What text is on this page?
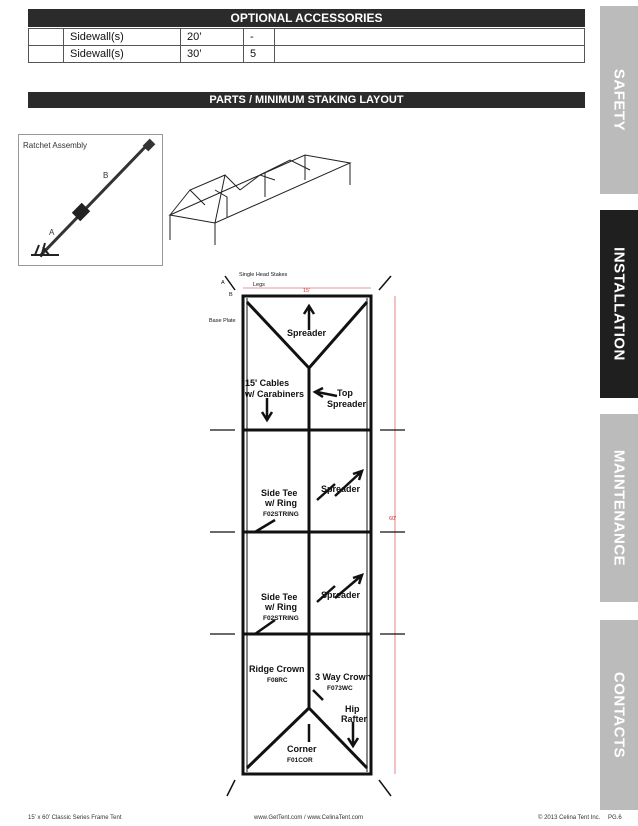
OPTIONAL ACCESSORIES
	Sidewall(s)	20’	-	
	Sidewall(s)	30’	5	
PARTS / MINIMUM STAKING LAYOUT	SAFETY
INSTALLATION
MAINTENANCE
CONTACTS
Ratchet Assembly
B
A
Spreader
15' Cables
w/ Carabiners	Top
Spreader
Spreader
Side Tee
w/ Ring
Spreader
Side Tee
w/ Ring
Ridge Crown
3 Way Crown
Hip
Rafter
Corner
F02STRING
F02STRING
F08RC
F073WC
F01COR
Single Head Stakes
Legs
Base Plate
A
B
15'
60'
15’ x 60’ Classic Series Frame Tent	www.GetTent.com / www.CelinaTent.com	© 2013 Celina Tent Inc. PG.6
